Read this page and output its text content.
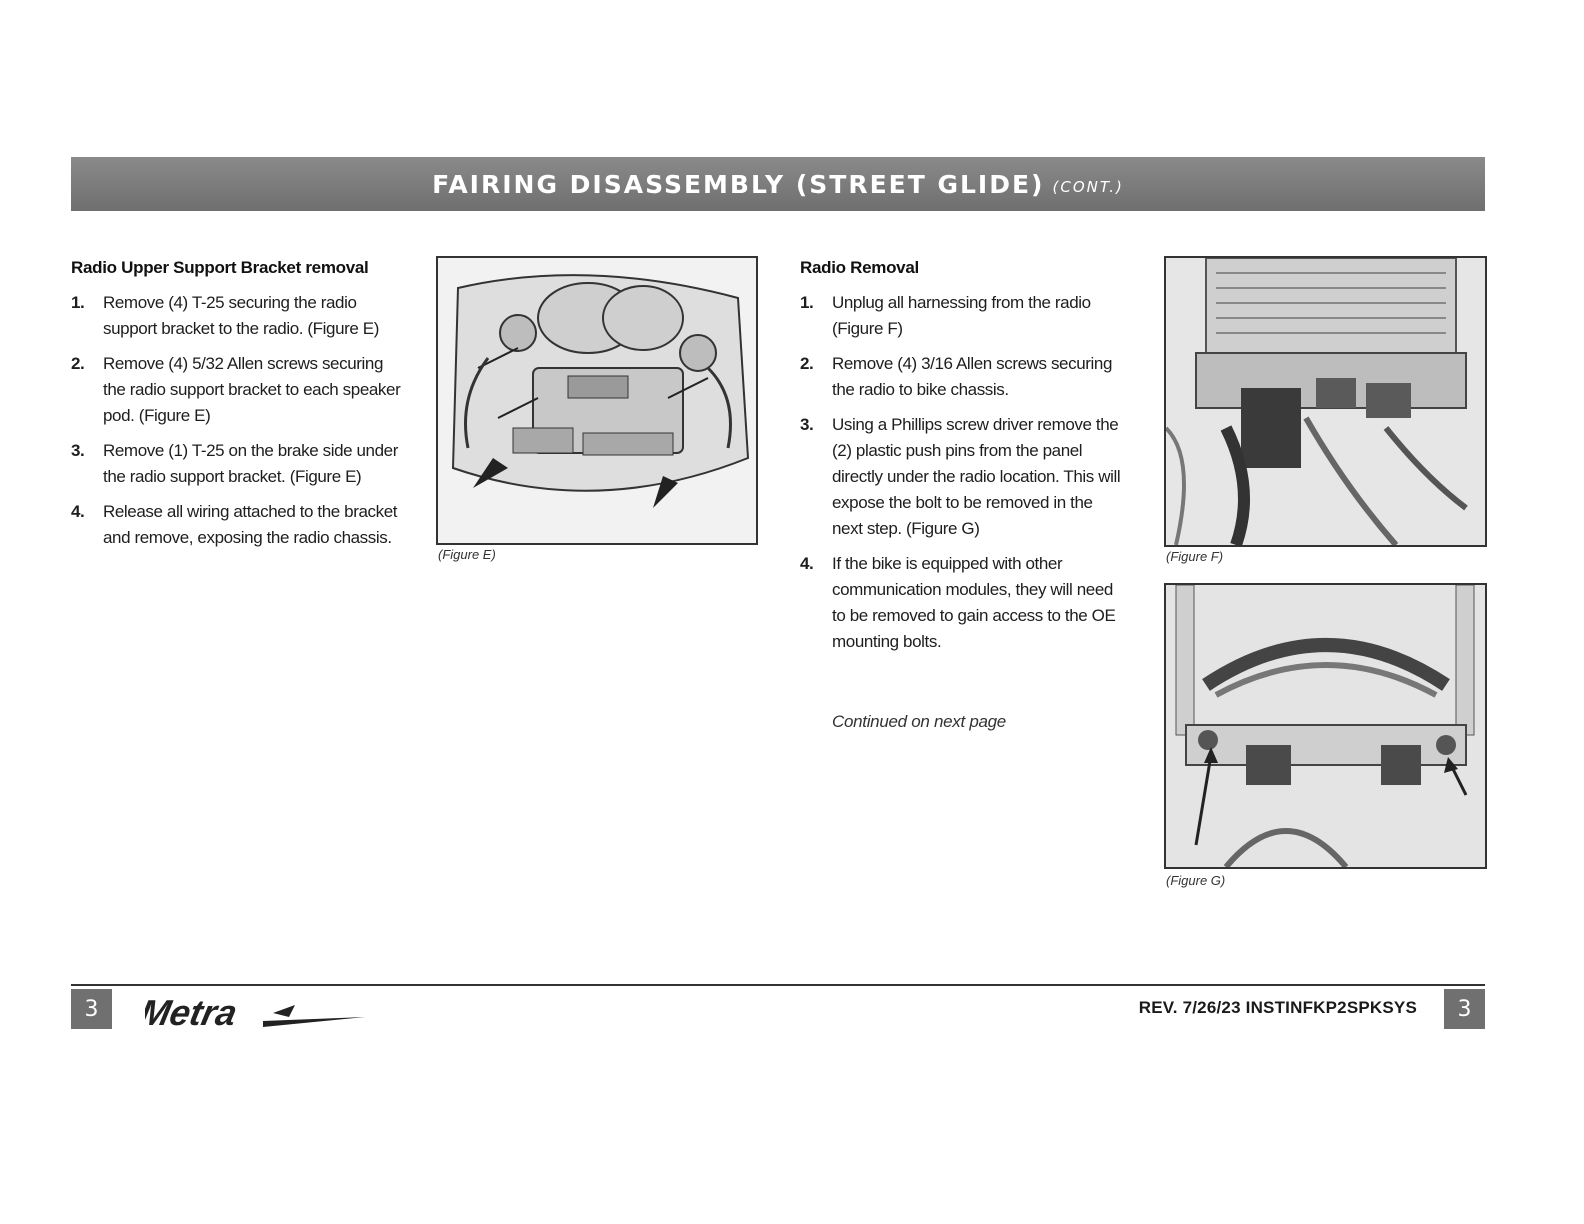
FAIRING DISASSEMBLY (STREET GLIDE) (CONT.)
Radio Upper Support Bracket removal
1.	Remove (4) T-25 securing the radio support bracket to the radio. (Figure E)
2.	Remove (4) 5/32 Allen screws securing the radio support bracket to each speaker pod. (Figure E)
3.	Remove (1) T-25 on the brake side under the radio support bracket. (Figure E)
4.	Release all wiring attached to the bracket and remove, exposing the radio chassis.
(Figure E)
Radio Removal
1.	Unplug all harnessing from the radio (Figure F)
2.	Remove (4) 3/16 Allen screws securing the radio to bike chassis.
3.	Using a Phillips screw driver remove the (2) plastic push pins from the panel directly under the radio location. This will expose the bolt to be removed in the next step. (Figure G)
4.	If the bike is equipped with other communication modules, they will need to be removed to gain access to the OE mounting bolts.
Continued on next page
(Figure F)
(Figure G)
3	Metra	REV. 7/26/23 INSTINFKP2SPKSYS	3
